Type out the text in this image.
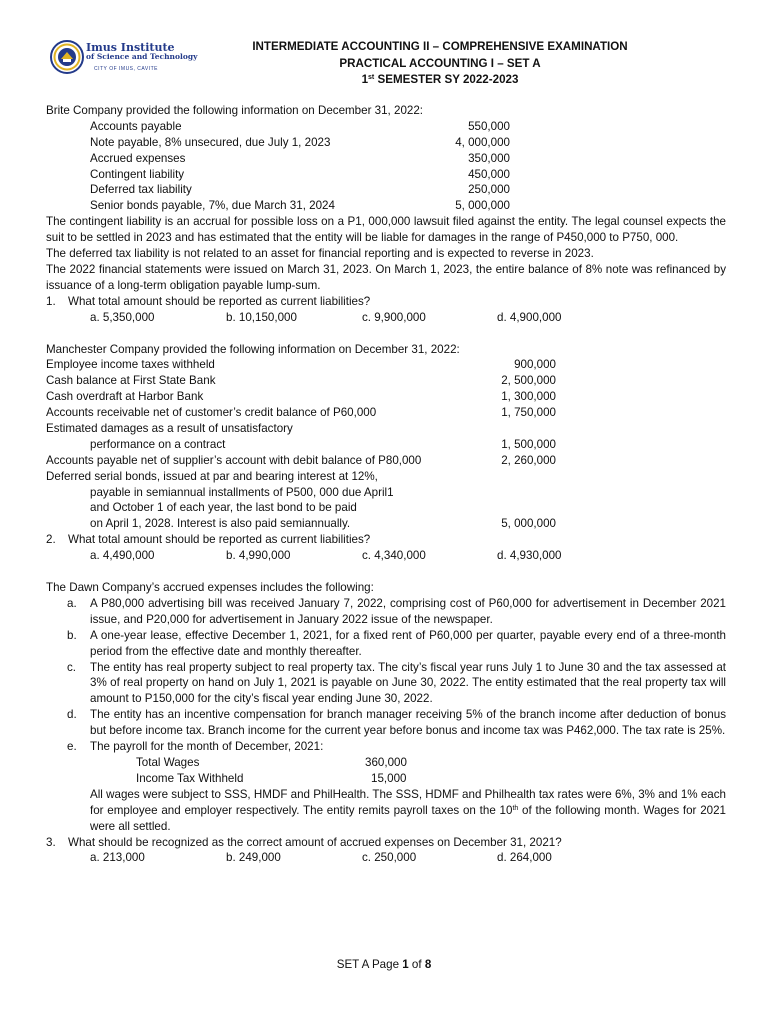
Imus Institute
of Science and Technology
CITY OF IMUS, CAVITE
INTERMEDIATE ACCOUNTING II – COMPREHENSIVE EXAMINATION
PRACTICAL ACCOUNTING I – SET A
1st SEMESTER SY 2022-2023
Brite Company provided the following information on December 31, 2022:
Accounts payable	550,000
Note payable, 8% unsecured, due July 1, 2023	4, 000,000
Accrued expenses	350,000
Contingent liability	450,000
Deferred tax liability	250,000
Senior bonds payable, 7%, due March 31, 2024	5, 000,000
The contingent liability is an accrual for possible loss on a P1, 000,000 lawsuit filed against the entity. The legal counsel expects the suit to be settled in 2023 and has estimated that the entity will be liable for damages in the range of P450,000 to P750, 000.
The deferred tax liability is not related to an asset for financial reporting and is expected to reverse in 2023.
The 2022 financial statements were issued on March 31, 2023. On March 1, 2023, the entire balance of 8% note was refinanced by issuance of a long-term obligation payable lump-sum.
1. What total amount should be reported as current liabilities?
a. 5,350,000	b. 10,150,000	c. 9,900,000	d. 4,900,000
Manchester Company provided the following information on December 31, 2022:
Employee income taxes withheld	900,000
Cash balance at First State Bank	2, 500,000
Cash overdraft at Harbor Bank	1, 300,000
Accounts receivable net of customer’s credit balance of P60,000	1, 750,000
Estimated damages as a result of unsatisfactory
performance on a contract	1, 500,000
Accounts payable net of supplier’s account with debit balance of P80,000	2, 260,000
Deferred serial bonds, issued at par and bearing interest at 12%,
payable in semiannual installments of P500, 000 due April1
and October 1 of each year, the last bond to be paid
on April 1, 2028. Interest is also paid semiannually.	5, 000,000
2. What total amount should be reported as current liabilities?
a. 4,490,000	b. 4,990,000	c. 4,340,000	d. 4,930,000
The Dawn Company’s accrued expenses includes the following:
a. A P80,000 advertising bill was received January 7, 2022, comprising cost of P60,000 for advertisement in December 2021 issue, and P20,000 for advertisement in January 2022 issue of the newspaper.
b. A one-year lease, effective December 1, 2021, for a fixed rent of P60,000 per quarter, payable every end of a three-month period from the effective date and monthly thereafter.
c. The entity has real property subject to real property tax. The city’s fiscal year runs July 1 to June 30 and the tax assessed at 3% of real property on hand on July 1, 2021 is payable on June 30, 2022. The entity estimated that the real property tax will amount to P150,000 for the city’s fiscal year ending June 30, 2022.
d. The entity has an incentive compensation for branch manager receiving 5% of the branch income after deduction of bonus but before income tax. Branch income for the current year before bonus and income tax was P462,000. The tax rate is 25%.
e. The payroll for the month of December, 2021:
Total Wages	360,000
Income Tax Withheld	15,000
All wages were subject to SSS, HMDF and PhilHealth. The SSS, HDMF and Philhealth tax rates were 6%, 3% and 1% each for employee and employer respectively. The entity remits payroll taxes on the 10th of the following month. Wages for 2021 were all settled.
3. What should be recognized as the correct amount of accrued expenses on December 31, 2021?
a. 213,000	b. 249,000	c. 250,000	d. 264,000
SET A Page 1 of 8
